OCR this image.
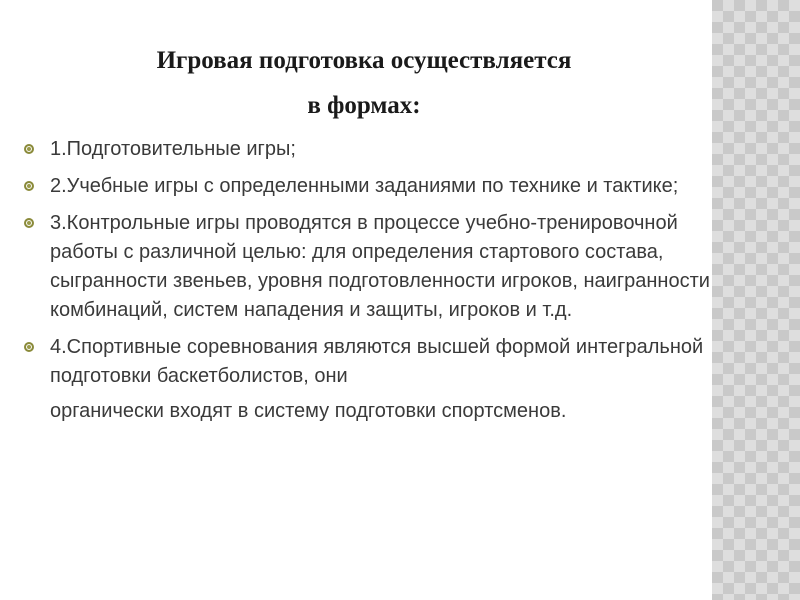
Игровая подготовка осуществляется
в формах:
1.Подготовительные игры;
2.Учебные игры с определенными заданиями по технике и тактике;
3.Контрольные игры проводятся в процессе учебно-тренировочной работы с различной целью: для определения стартового состава, сыгранности звеньев, уровня подготовленности игроков, наигранности комбинаций, систем нападения и защиты, игроков и т.д.
4.Спортивные соревнования являются высшей формой интегральной подготовки баскетболистов, они
органически входят в систему подготовки спортсменов.
